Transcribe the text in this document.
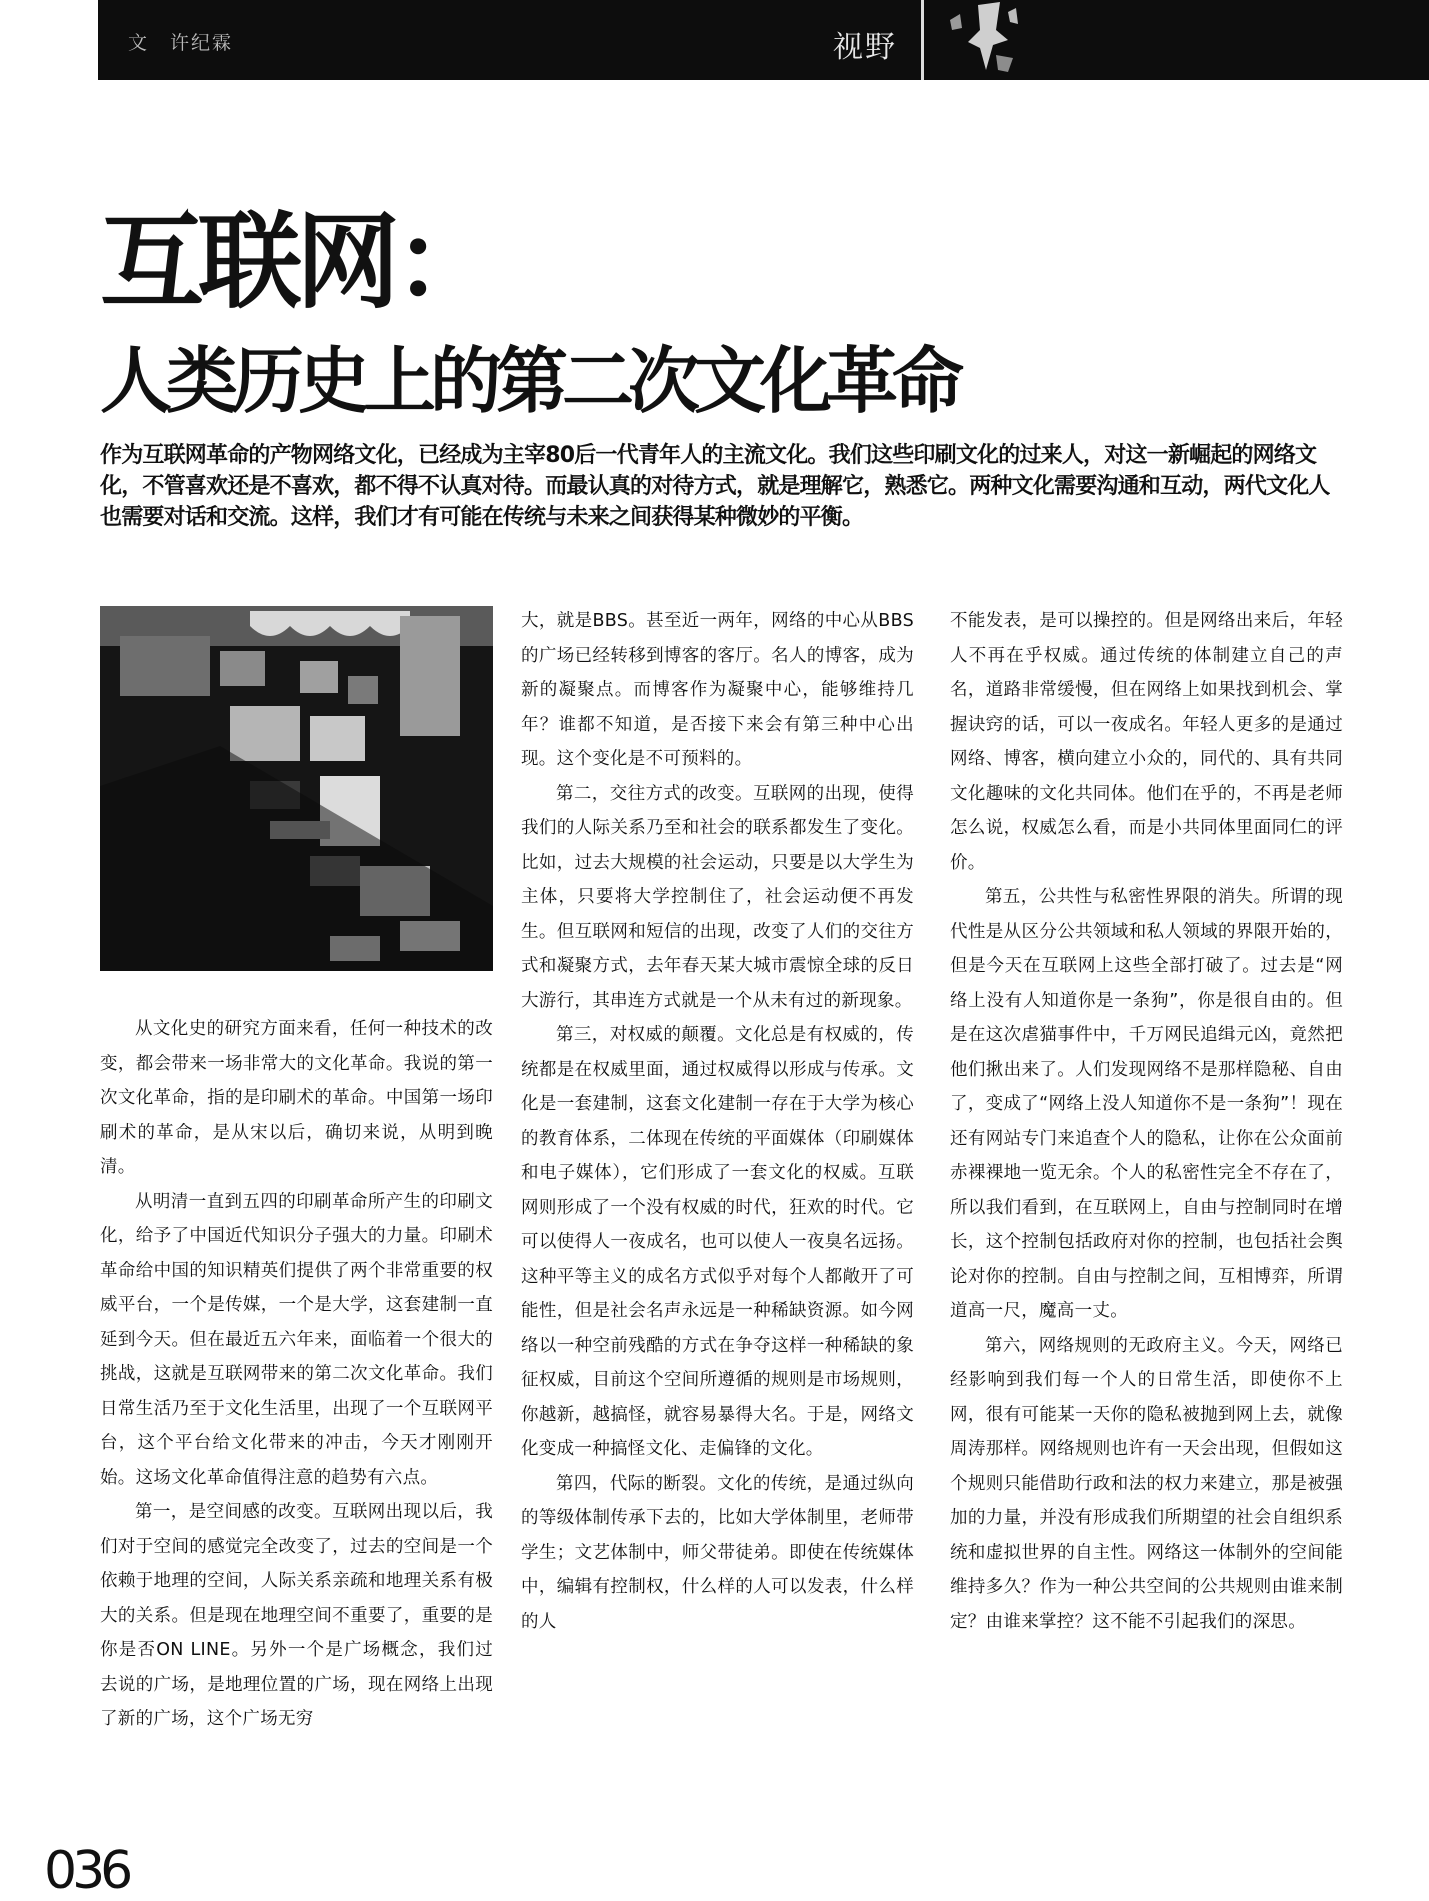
文　许纪霖	视野
互联网：
人类历史上的第二次文化革命
作为互联网革命的产物网络文化，已经成为主宰80后一代青年人的主流文化。我们这些印刷文化的过来人，对这一新崛起的网络文化，不管喜欢还是不喜欢，都不得不认真对待。而最认真的对待方式，就是理解它，熟悉它。两种文化需要沟通和互动，两代文化人也需要对话和交流。这样，我们才有可能在传统与未来之间获得某种微妙的平衡。

从文化史的研究方面来看，任何一种技术的改变，都会带来一场非常大的文化革命。我说的第一次文化革命，指的是印刷术的革命。中国第一场印刷术的革命，是从宋以后，确切来说，从明到晚清。

从明清一直到五四的印刷革命所产生的印刷文化，给予了中国近代知识分子强大的力量。印刷术革命给中国的知识精英们提供了两个非常重要的权威平台，一个是传媒，一个是大学，这套建制一直延到今天。但在最近五六年来，面临着一个很大的挑战，这就是互联网带来的第二次文化革命。我们日常生活乃至于文化生活里，出现了一个互联网平台，这个平台给文化带来的冲击，今天才刚刚开始。这场文化革命值得注意的趋势有六点。

第一，是空间感的改变。互联网出现以后，我们对于空间的感觉完全改变了，过去的空间是一个依赖于地理的空间，人际关系亲疏和地理关系有极大的关系。但是现在地理空间不重要了，重要的是你是否ON LINE。另外一个是广场概念，我们过去说的广场，是地理位置的广场，现在网络上出现了新的广场，这个广场无穷

大，就是BBS。甚至近一两年，网络的中心从BBS的广场已经转移到博客的客厅。名人的博客，成为新的凝聚点。而博客作为凝聚中心，能够维持几年？谁都不知道，是否接下来会有第三种中心出现。这个变化是不可预料的。

第二，交往方式的改变。互联网的出现，使得我们的人际关系乃至和社会的联系都发生了变化。比如，过去大规模的社会运动，只要是以大学生为主体，只要将大学控制住了，社会运动便不再发生。但互联网和短信的出现，改变了人们的交往方式和凝聚方式，去年春天某大城市震惊全球的反日大游行，其串连方式就是一个从未有过的新现象。

第三，对权威的颠覆。文化总是有权威的，传统都是在权威里面，通过权威得以形成与传承。文化是一套建制，这套文化建制一存在于大学为核心的教育体系，二体现在传统的平面媒体（印刷媒体和电子媒体），它们形成了一套文化的权威。互联网则形成了一个没有权威的时代，狂欢的时代。它可以使得人一夜成名，也可以使人一夜臭名远扬。这种平等主义的成名方式似乎对每个人都敞开了可能性，但是社会名声永远是一种稀缺资源。如今网络以一种空前残酷的方式在争夺这样一种稀缺的象征权威，目前这个空间所遵循的规则是市场规则，你越新，越搞怪，就容易暴得大名。于是，网络文化变成一种搞怪文化、走偏锋的文化。

第四，代际的断裂。文化的传统，是通过纵向的等级体制传承下去的，比如大学体制里，老师带学生；文艺体制中，师父带徒弟。即使在传统媒体中，编辑有控制权，什么样的人可以发表，什么样的人

不能发表，是可以操控的。但是网络出来后，年轻人不再在乎权威。通过传统的体制建立自己的声名，道路非常缓慢，但在网络上如果找到机会、掌握诀窍的话，可以一夜成名。年轻人更多的是通过网络、博客，横向建立小众的，同代的、具有共同文化趣味的文化共同体。他们在乎的，不再是老师怎么说，权威怎么看，而是小共同体里面同仁的评价。

第五，公共性与私密性界限的消失。所谓的现代性是从区分公共领域和私人领域的界限开始的，但是今天在互联网上这些全部打破了。过去是“网络上没有人知道你是一条狗”，你是很自由的。但是在这次虐猫事件中，千万网民追缉元凶，竟然把他们揪出来了。人们发现网络不是那样隐秘、自由了，变成了“网络上没人知道你不是一条狗”！现在还有网站专门来追查个人的隐私，让你在公众面前赤裸裸地一览无余。个人的私密性完全不存在了，所以我们看到，在互联网上，自由与控制同时在增长，这个控制包括政府对你的控制，也包括社会舆论对你的控制。自由与控制之间，互相博弈，所谓道高一尺，魔高一丈。

第六，网络规则的无政府主义。今天，网络已经影响到我们每一个人的日常生活，即使你不上网，很有可能某一天你的隐私被抛到网上去，就像周涛那样。网络规则也许有一天会出现，但假如这个规则只能借助行政和法的权力来建立，那是被强加的力量，并没有形成我们所期望的社会自组织系统和虚拟世界的自主性。网络这一体制外的空间能维持多久？作为一种公共空间的公共规则由谁来制定？由谁来掌控？这不能不引起我们的深思。

036
